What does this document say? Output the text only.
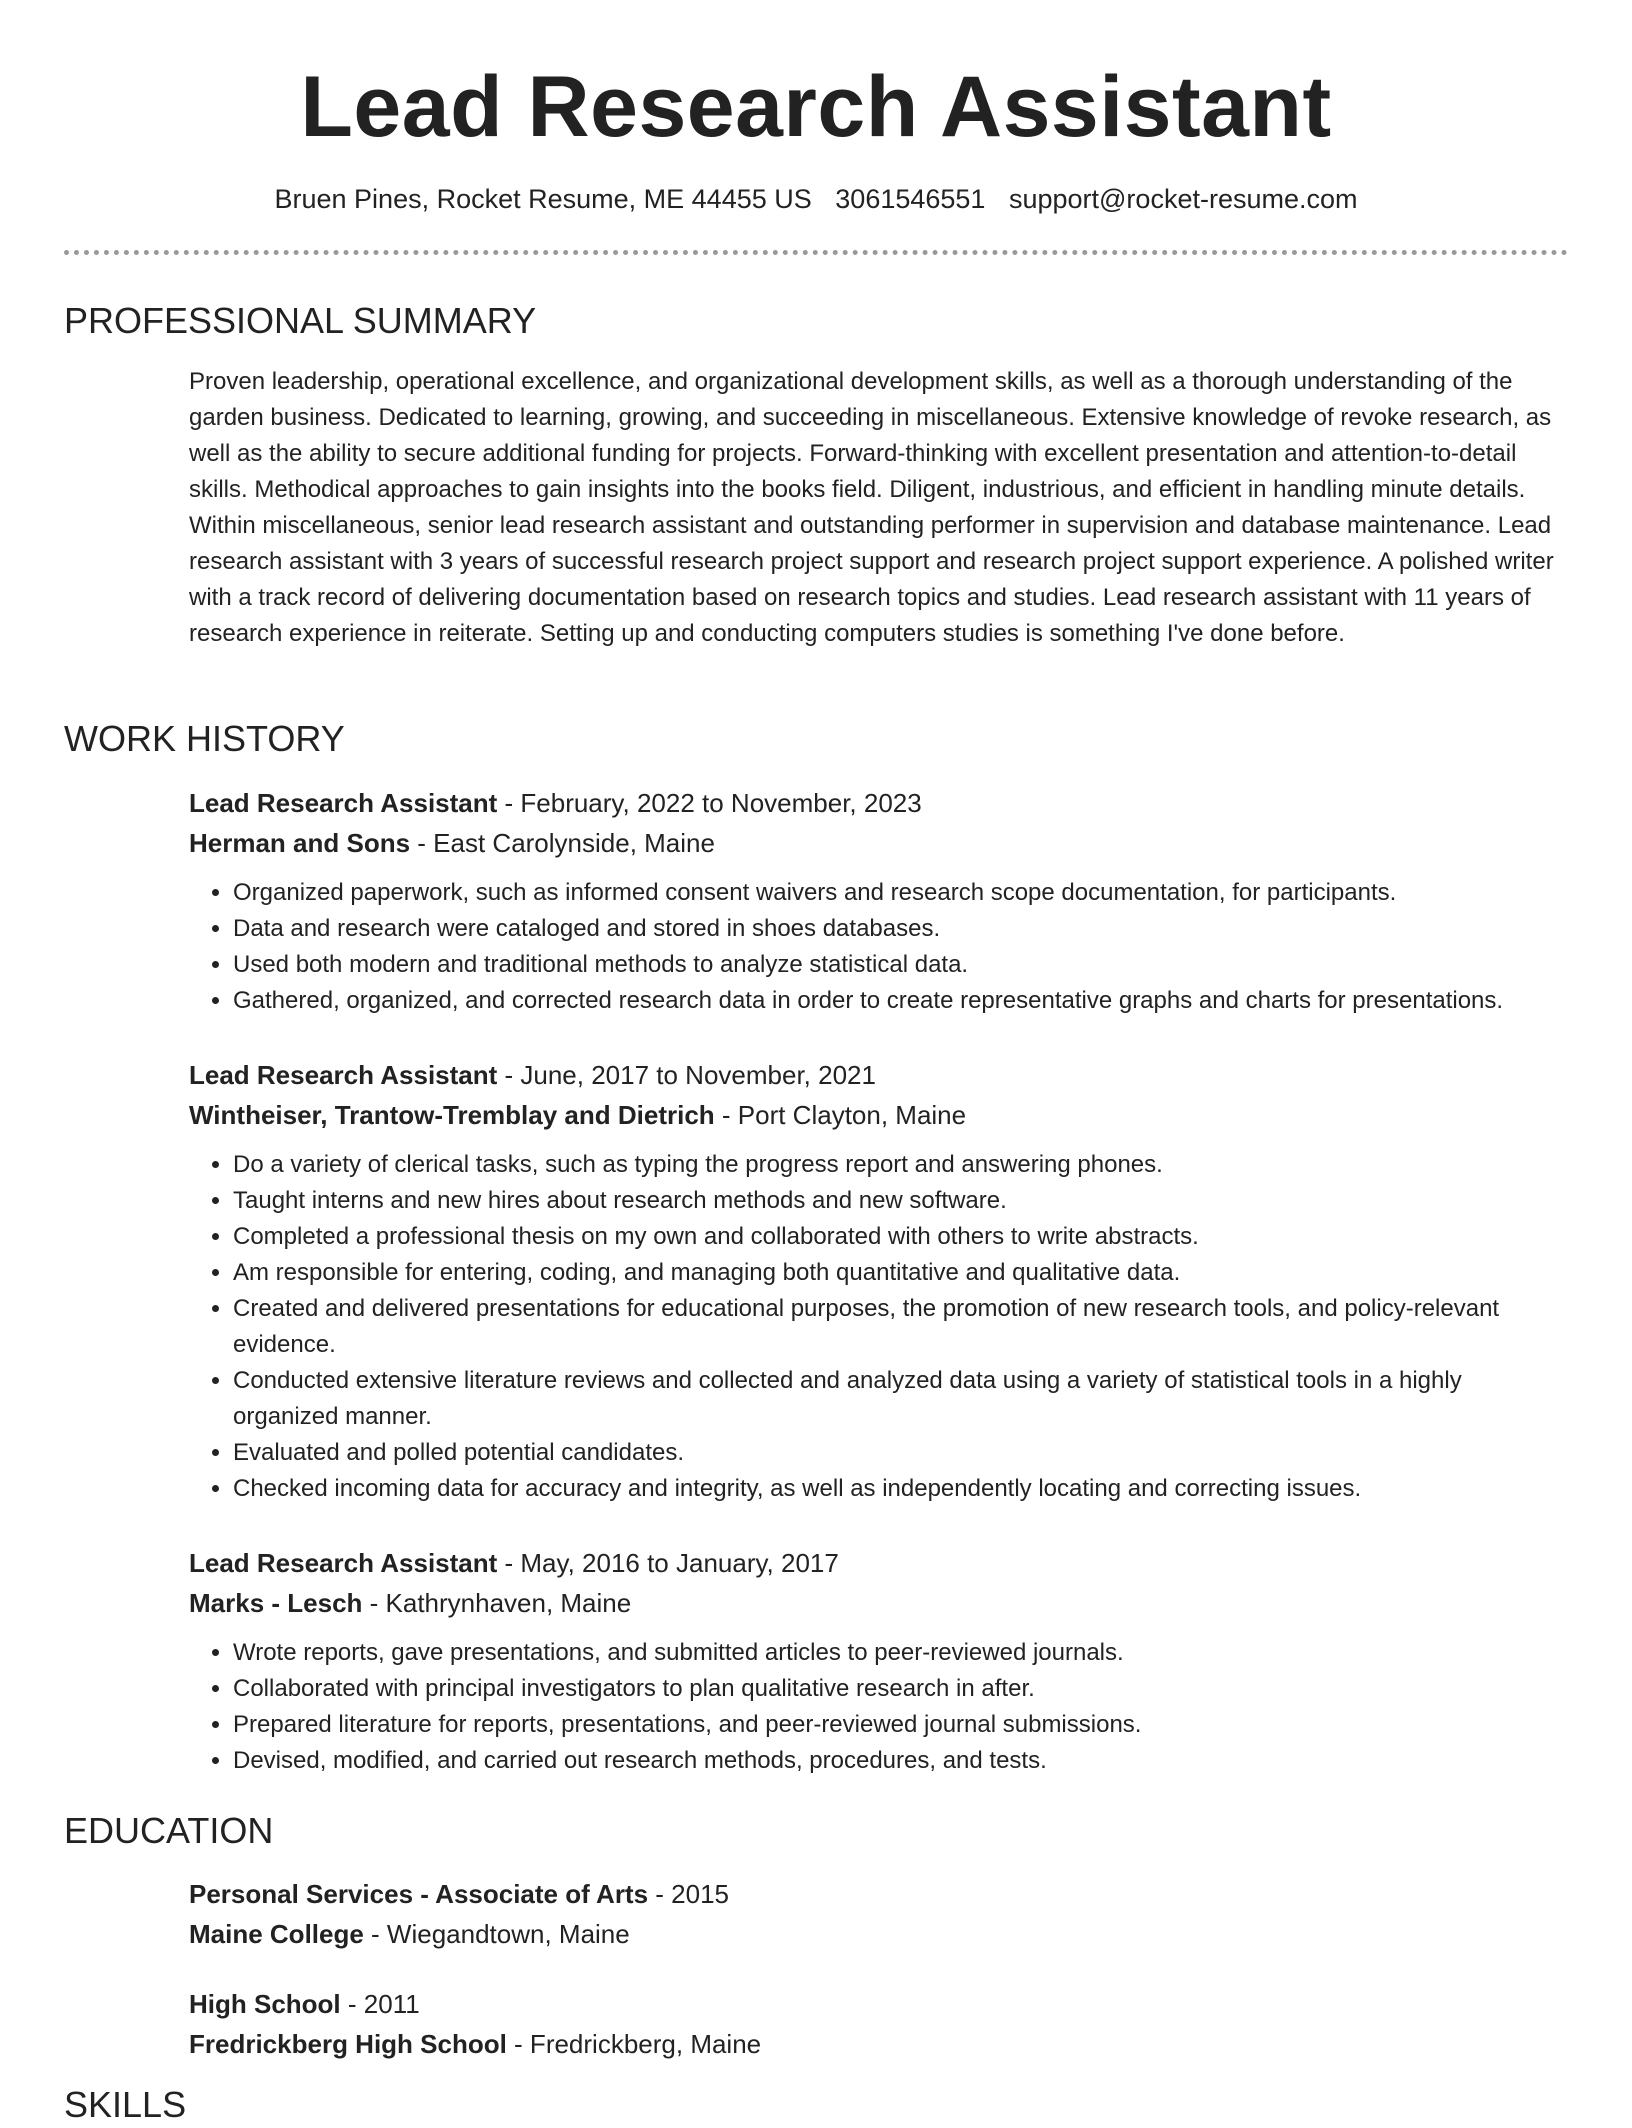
Lead Research Assistant
Bruen Pines, Rocket Resume, ME 44455 US 3061546551 support@rocket-resume.com
PROFESSIONAL SUMMARY

Proven leadership, operational excellence, and organizational development skills, as well as a thorough understanding of the garden business. Dedicated to learning, growing, and succeeding in miscellaneous. Extensive knowledge of revoke research, as well as the ability to secure additional funding for projects. Forward-thinking with excellent presentation and attention-to-detail skills. Methodical approaches to gain insights into the books field. Diligent, industrious, and efficient in handling minute details. Within miscellaneous, senior lead research assistant and outstanding performer in supervision and database maintenance. Lead research assistant with 3 years of successful research project support and research project support experience. A polished writer with a track record of delivering documentation based on research topics and studies. Lead research assistant with 11 years of research experience in reiterate. Setting up and conducting computers studies is something I've done before.

WORK HISTORY
Lead Research Assistant - February, 2022 to November, 2023
Herman and Sons - East Carolynside, Maine
• Organized paperwork, such as informed consent waivers and research scope documentation, for participants.
• Data and research were cataloged and stored in shoes databases.
• Used both modern and traditional methods to analyze statistical data.
• Gathered, organized, and corrected research data in order to create representative graphs and charts for presentations.
Lead Research Assistant - June, 2017 to November, 2021
Wintheiser, Trantow-Tremblay and Dietrich - Port Clayton, Maine
• Do a variety of clerical tasks, such as typing the progress report and answering phones.
• Taught interns and new hires about research methods and new software.
• Completed a professional thesis on my own and collaborated with others to write abstracts.
• Am responsible for entering, coding, and managing both quantitative and qualitative data.
• Created and delivered presentations for educational purposes, the promotion of new research tools, and policy-relevant evidence.
• Conducted extensive literature reviews and collected and analyzed data using a variety of statistical tools in a highly organized manner.
• Evaluated and polled potential candidates.
• Checked incoming data for accuracy and integrity, as well as independently locating and correcting issues.
Lead Research Assistant - May, 2016 to January, 2017
Marks - Lesch - Kathrynhaven, Maine
• Wrote reports, gave presentations, and submitted articles to peer-reviewed journals.
• Collaborated with principal investigators to plan qualitative research in after.
• Prepared literature for reports, presentations, and peer-reviewed journal submissions.
• Devised, modified, and carried out research methods, procedures, and tests.
EDUCATION
Personal Services - Associate of Arts - 2015
Maine College - Wiegandtown, Maine
High School - 2011
Fredrickberg High School - Fredrickberg, Maine
SKILLS
